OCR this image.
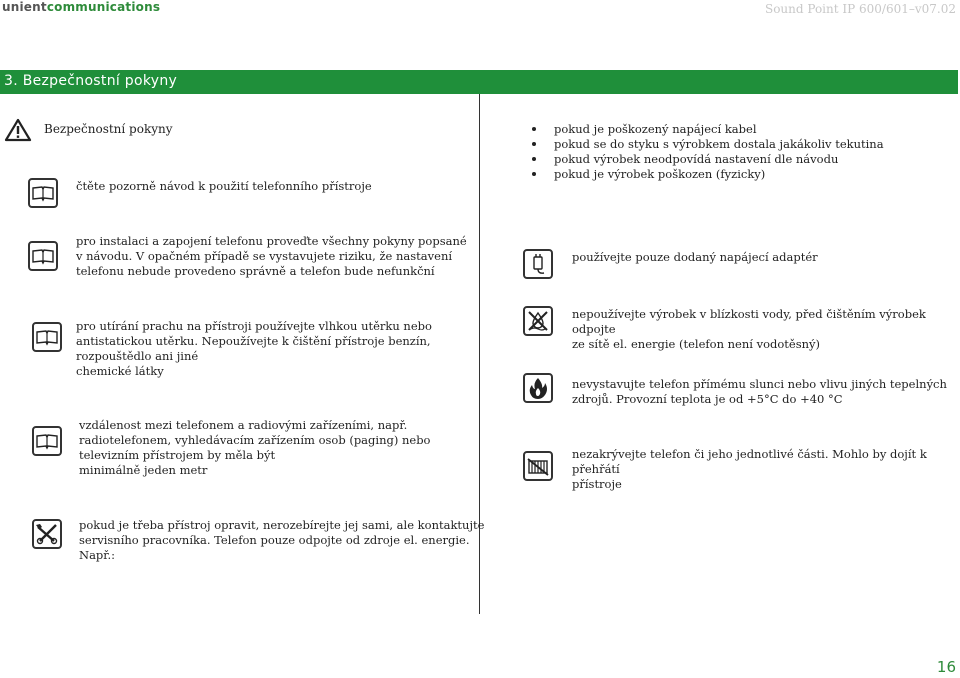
unientcommunications	Sound Point IP 600/601–v07.02
3. Bezpečnostní pokyny
Bezpečnostní pokyny
čtěte pozorně návod k použití telefonního přístroje
pokud je poškozený napájecí kabel
pokud se do styku s výrobkem dostala jakákoliv tekutina
pokud výrobek neodpovídá nastavení dle návodu
pokud je výrobek poškozen (fyzicky)
pro instalaci a zapojení telefonu proveďte všechny pokyny popsané
v návodu. V opačném případě se vystavujete riziku, že nastavení
telefonu nebude provedeno správně a telefon bude nefunkční
používejte pouze dodaný napájecí adaptér
pro utírání prachu na přístroji používejte vlhkou utěrku nebo
antistatickou utěrku. Nepoužívejte k čištění přístroje benzín,
rozpouštědlo ani jiné
chemické látky
nepoužívejte výrobek v blízkosti vody, před čištěním výrobek odpojte
ze sítě el. energie (telefon není vodotěsný)
nevystavujte telefon přímému slunci nebo vlivu jiných tepelných
zdrojů. Provozní teplota je od +5°C do +40 °C
vzdálenost mezi telefonem a radiovými zařízeními, např.
radiotelefonem, vyhledávacím zařízením osob (paging) nebo
televizním přístrojem by měla být
minimálně jeden metr
nezakrývejte telefon či jeho jednotlivé části. Mohlo by dojít k přehřátí
přístroje
pokud je třeba přístroj opravit, nerozebírejte jej sami, ale kontaktujte
servisního pracovníka. Telefon pouze odpojte od zdroje el. energie.
Např.:
16
